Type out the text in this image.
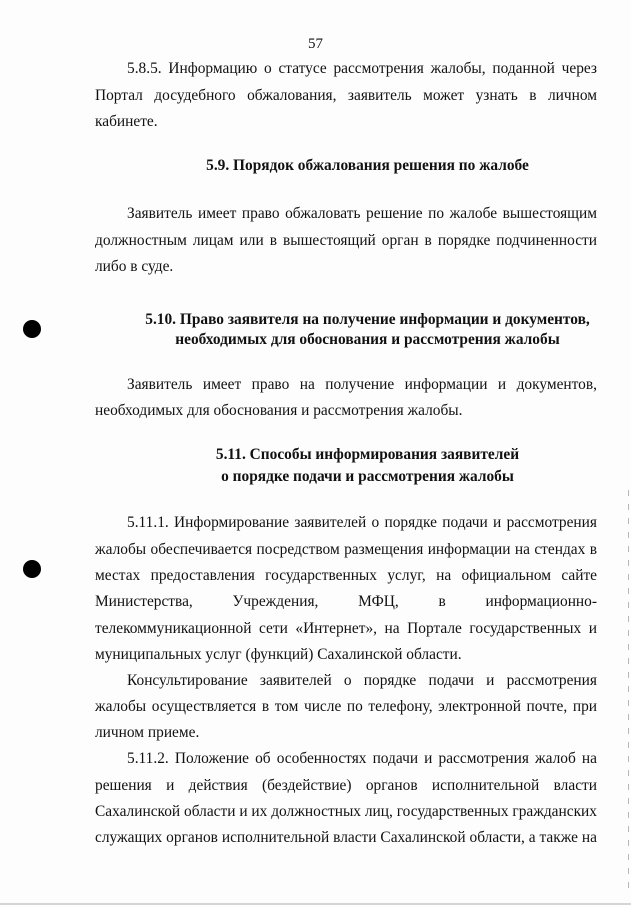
57
5.8.5. Информацию о статусе рассмотрения жалобы, поданной через
Портал досудебного обжалования, заявитель может узнать в личном
кабинете.
5.9. Порядок обжалования решения по жалобе
Заявитель имеет право обжаловать решение по жалобе вышестоящим
должностным лицам или в вышестоящий орган в порядке подчиненности
либо в суде.
5.10. Право заявителя на получение информации и документов,
необходимых для обоснования и рассмотрения жалобы
Заявитель имеет право на получение информации и документов,
необходимых для обоснования и рассмотрения жалобы.
5.11. Способы информирования заявителей
о порядке подачи и рассмотрения жалобы
5.11.1. Информирование заявителей о порядке подачи и рассмотрения
жалобы обеспечивается посредством размещения информации на стендах в
местах предоставления государственных услуг, на официальном сайте
Министерства, Учреждения, МФЦ, в информационно-
телекоммуникационной сети «Интернет», на Портале государственных и
муниципальных услуг (функций) Сахалинской области.
Консультирование заявителей о порядке подачи и рассмотрения
жалобы осуществляется в том числе по телефону, электронной почте, при
личном приеме.
5.11.2. Положение об особенностях подачи и рассмотрения жалоб на
решения и действия (бездействие) органов исполнительной власти
Сахалинской области и их должностных лиц, государственных гражданских
служащих органов исполнительной власти Сахалинской области, а также на
